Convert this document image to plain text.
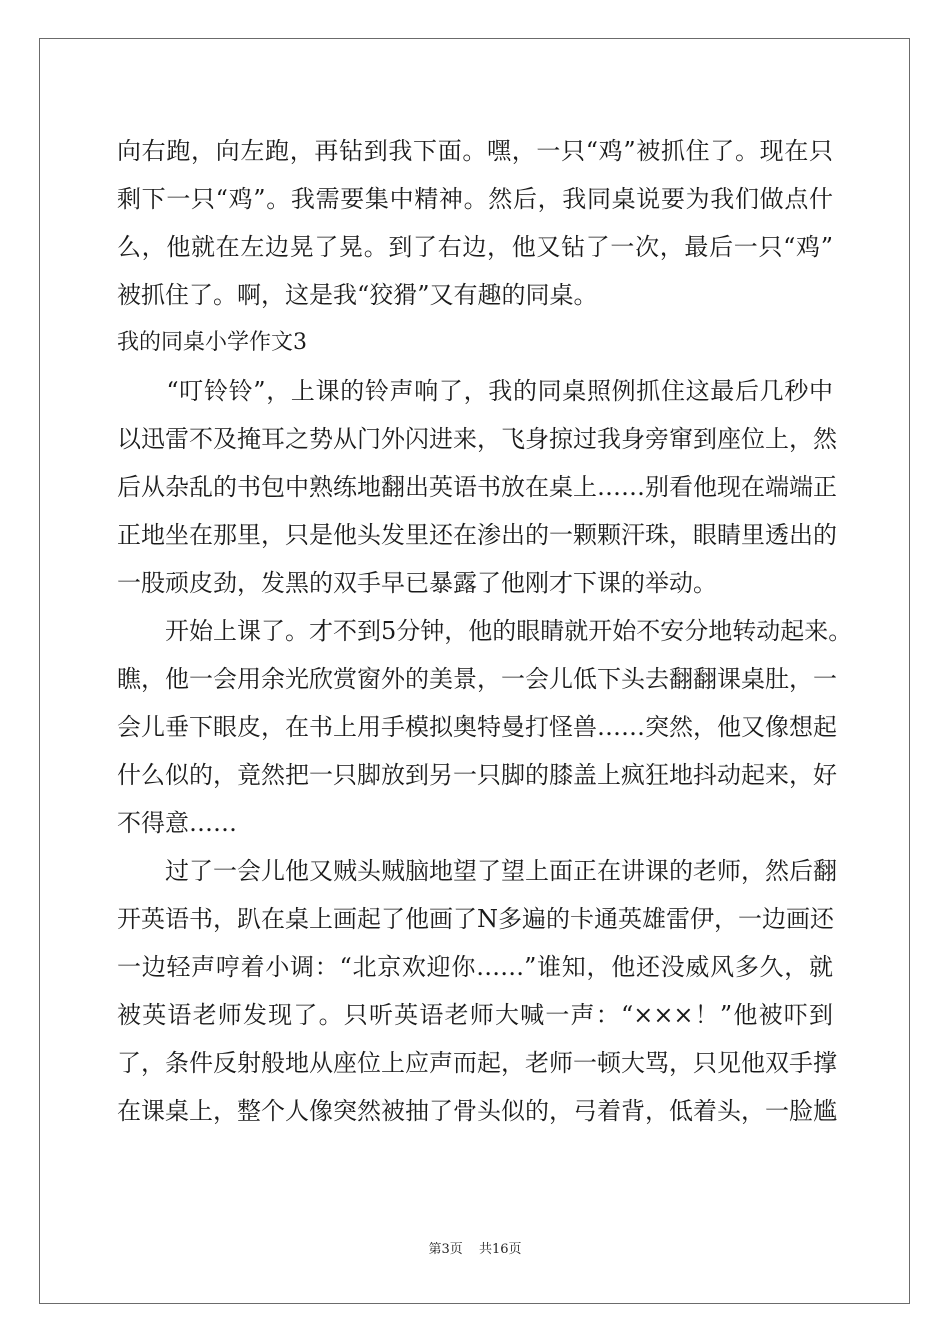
向右跑，向左跑，再钻到我下面。嘿，一只“鸡”被抓住了。现在只
剩下一只“鸡”。我需要集中精神。然后，我同桌说要为我们做点什
么，他就在左边晃了晃。到了右边，他又钻了一次，最后一只“鸡”
被抓住了。啊，这是我“狡猾”又有趣的同桌。
我的同桌小学作文3
　　“叮铃铃”，上课的铃声响了，我的同桌照例抓住这最后几秒中
以迅雷不及掩耳之势从门外闪进来，飞身掠过我身旁窜到座位上，然
后从杂乱的书包中熟练地翻出英语书放在桌上……别看他现在端端正
正地坐在那里，只是他头发里还在渗出的一颗颗汗珠，眼睛里透出的
一股顽皮劲，发黑的双手早已暴露了他刚才下课的举动。
　　开始上课了。才不到5分钟，他的眼睛就开始不安分地转动起来。
瞧，他一会用余光欣赏窗外的美景，一会儿低下头去翻翻课桌肚，一
会儿垂下眼皮，在书上用手模拟奥特曼打怪兽……突然，他又像想起
什么似的，竟然把一只脚放到另一只脚的膝盖上疯狂地抖动起来，好
不得意……
　　过了一会儿他又贼头贼脑地望了望上面正在讲课的老师，然后翻
开英语书，趴在桌上画起了他画了N多遍的卡通英雄雷伊，一边画还
一边轻声哼着小调：“北京欢迎你……”谁知，他还没威风多久，就
被英语老师发现了。只听英语老师大喊一声：“×××！”他被吓到
了，条件反射般地从座位上应声而起，老师一顿大骂，只见他双手撑
在课桌上，整个人像突然被抽了骨头似的，弓着背，低着头，一脸尴
第3页 共16页
